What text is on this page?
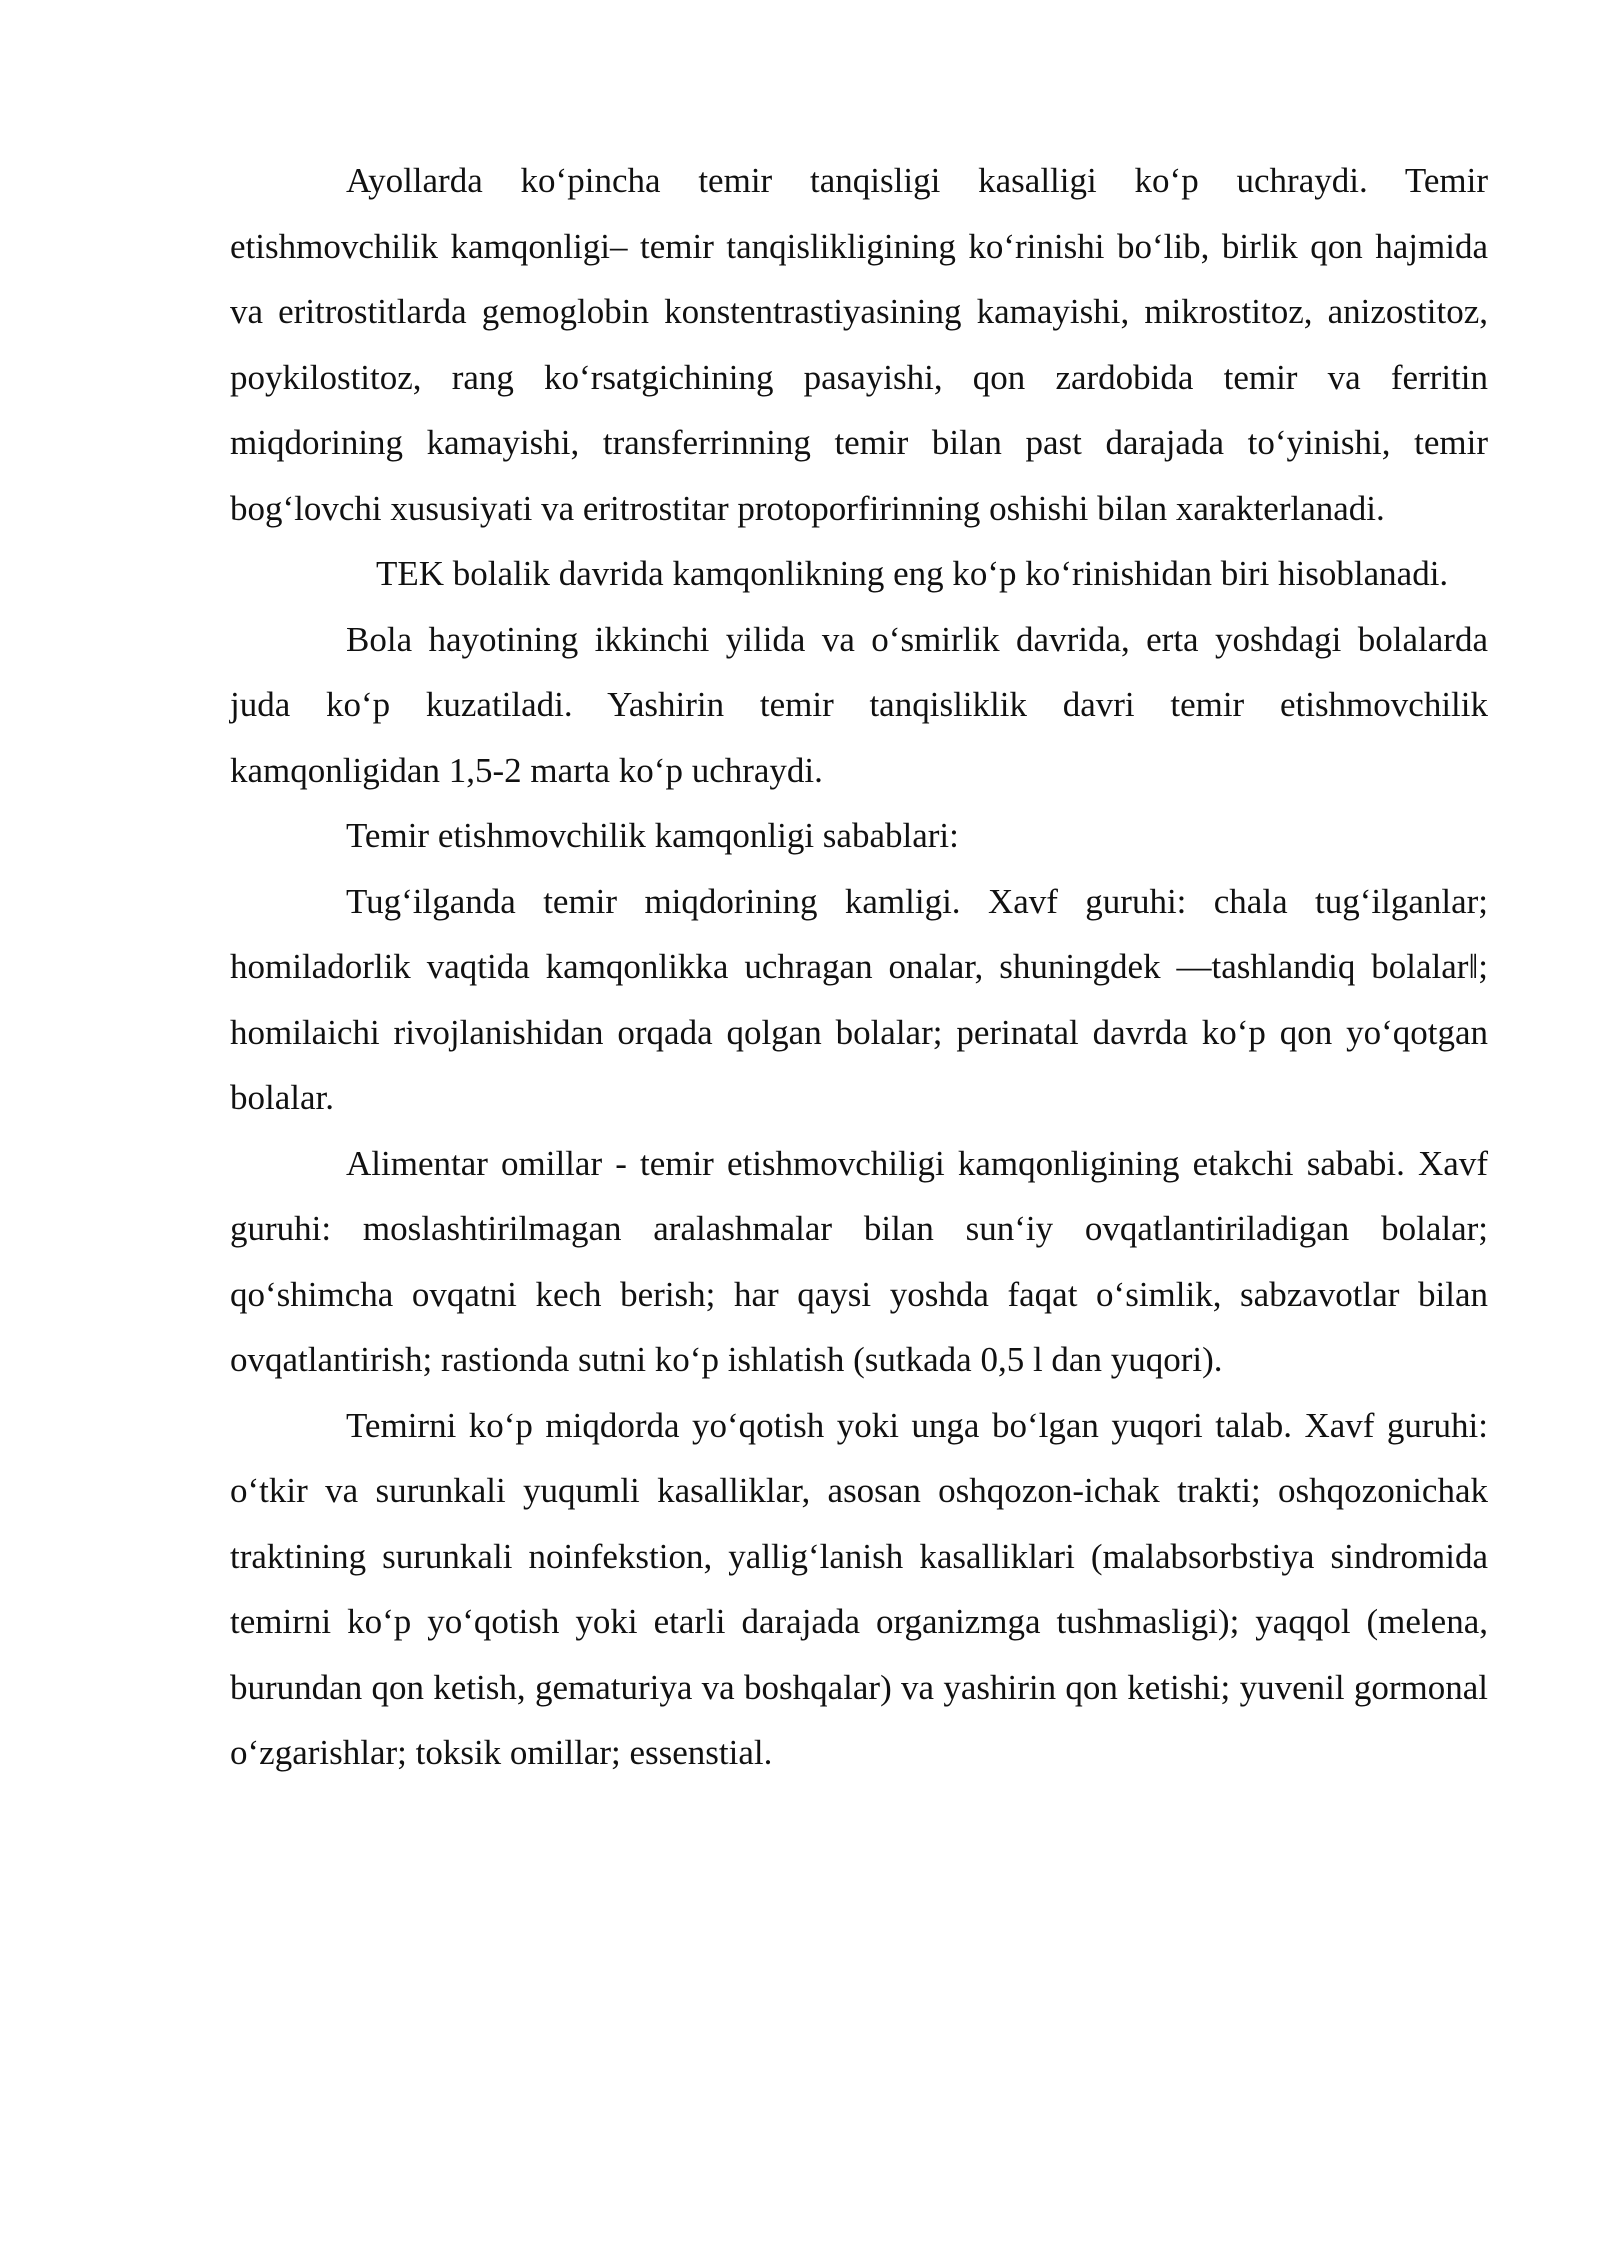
Ayollarda ko‘pincha temir tanqisligi kasalligi ko‘p uchraydi. Temir etishmovchilik kamqonligi– temir tanqislikligining ko‘rinishi bo‘lib, birlik qon hajmida va eritrostitlarda gemoglobin konstentrastiyasining kamayishi, mikrostitoz, anizostitoz, poykilostitoz, rang ko‘rsatgichining pasayishi, qon zardobida temir va ferritin miqdorining kamayishi, transferrinning temir bilan past darajada to‘yinishi, temir bog‘lovchi xususiyati va eritrostitar protoporfirinning oshishi bilan xarakterlanadi.

TEK bolalik davrida kamqonlikning eng ko‘p ko‘rinishidan biri hisoblanadi.

Bola hayotining ikkinchi yilida va o‘smirlik davrida, erta yoshdagi bolalarda juda ko‘p kuzatiladi. Yashirin temir tanqisliklik davri temir etishmovchilik kamqonligidan 1,5-2 marta ko‘p uchraydi.

Temir etishmovchilik kamqonligi sabablari:

Tug‘ilganda temir miqdorining kamligi. Xavf guruhi: chala tug‘ilganlar; homiladorlik vaqtida kamqonlikka uchragan onalar, shuningdek ―tashlandiq bolalar‖; homilaichi rivojlanishidan orqada qolgan bolalar; perinatal davrda ko‘p qon yo‘qotgan bolalar.

Alimentar omillar - temir etishmovchiligi kamqonligining etakchi sababi. Xavf guruhi: moslashtirilmagan aralashmalar bilan sun‘iy ovqatlantiriladigan bolalar; qo‘shimcha ovqatni kech berish; har qaysi yoshda faqat o‘simlik, sabzavotlar bilan ovqatlantirish; rastionda sutni ko‘p ishlatish (sutkada 0,5 l dan yuqori).

Temirni ko‘p miqdorda yo‘qotish yoki unga bo‘lgan yuqori talab. Xavf guruhi: o‘tkir va surunkali yuqumli kasalliklar, asosan oshqozon-ichak trakti; oshqozonichak traktining surunkali noinfekstion, yallig‘lanish kasalliklari (malabsorbstiya sindromida temirni ko‘p yo‘qotish yoki etarli darajada organizmga tushmasligi); yaqqol (melena, burundan qon ketish, gematuriya va boshqalar) va yashirin qon ketishi; yuvenil gormonal o‘zgarishlar; toksik omillar; essenstial.
